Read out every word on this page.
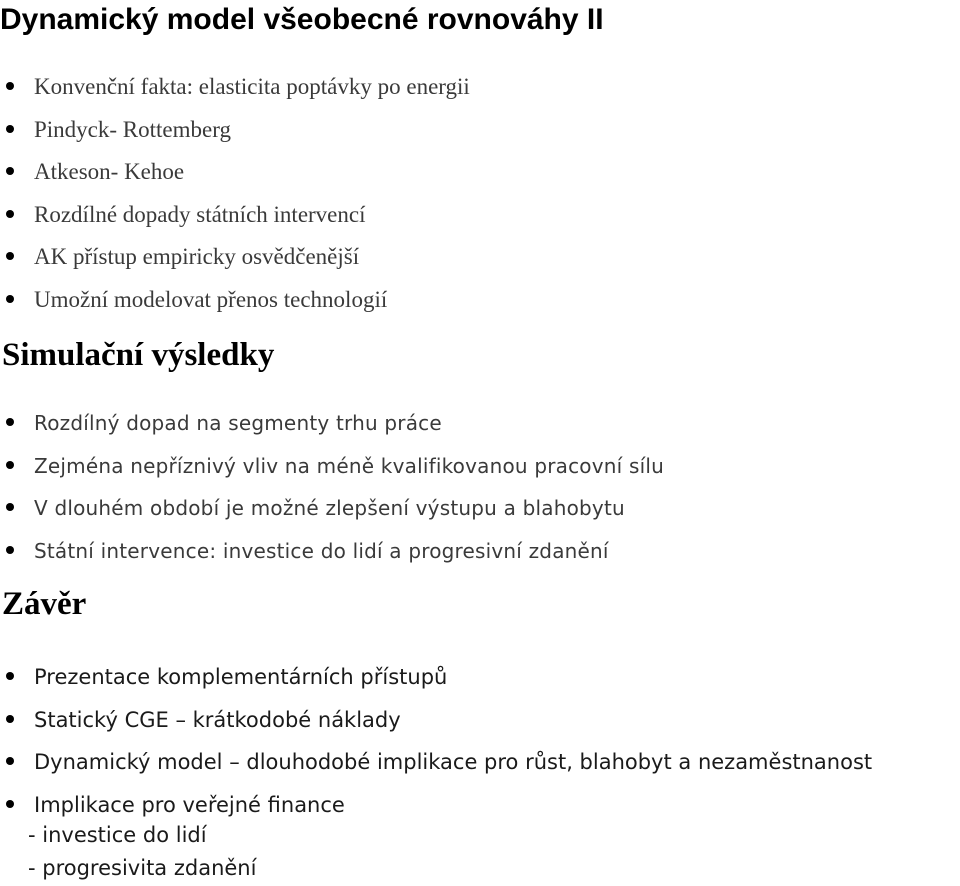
Dynamický model všeobecné rovnováhy II
Konvenční fakta: elasticita poptávky po energii
Pindyck- Rottemberg
Atkeson- Kehoe
Rozdílné dopady státních intervencí
AK přístup empiricky osvědčenější
Umožní modelovat přenos technologií
Simulační výsledky
Rozdílný dopad na segmenty trhu práce
Zejména nepříznivý vliv na méně kvalifikovanou pracovní sílu
V dlouhém období je možné zlepšení výstupu a blahobytu
Státní intervence: investice do lidí a progresivní zdanění
Závěr
Prezentace komplementárních přístupů
Statický CGE – krátkodobé náklady
Dynamický model – dlouhodobé implikace pro růst, blahobyt a nezaměstnanost
Implikace pro veřejné finance
- investice do lidí
- progresivita zdanění
